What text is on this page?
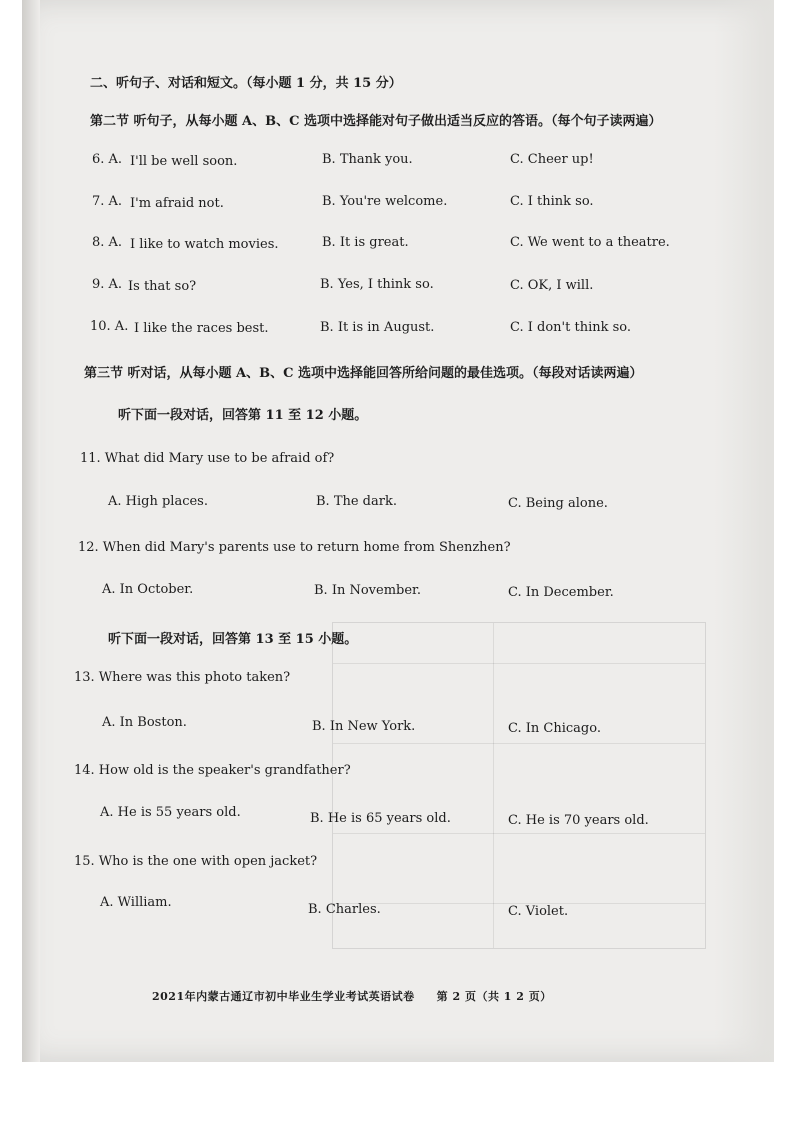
二、听句子、对话和短文。（每小题 1 分，共 15 分）
第二节 听句子，从每小题 A、B、C 选项中选择能对句子做出适当反应的答语。（每个句子读两遍）
6. A. I'll be well soon.	B. Thank you.	C. Cheer up!
7. A. I'm afraid not.	B. You're welcome.	C. I think so.
8. A. I like to watch movies.	B. It is great.	C. We went to a theatre.
9. A. Is that so?	B. Yes, I think so.	C. OK, I will.
10. A. I like the races best.	B. It is in August.	C. I don't think so.
第三节 听对话，从每小题 A、B、C 选项中选择能回答所给问题的最佳选项。（每段对话读两遍）
听下面一段对话，回答第 11 至 12 小题。
11. What did Mary use to be afraid of?
A. High places.	B. The dark.	C. Being alone.
12. When did Mary's parents use to return home from Shenzhen?
A. In October.	B. In November.	C. In December.
听下面一段对话，回答第 13 至 15 小题。
13. Where was this photo taken?
A. In Boston.	B. In New York.	C. In Chicago.
14. How old is the speaker's grandfather?
A. He is 55 years old.	B. He is 65 years old.	C. He is 70 years old.
15. Who is the one with open jacket?
A. William.	B. Charles.	C. Violet.
2021年内蒙古通辽市初中毕业生学业考试英语试卷 第 2 页（共 1 2 页）
